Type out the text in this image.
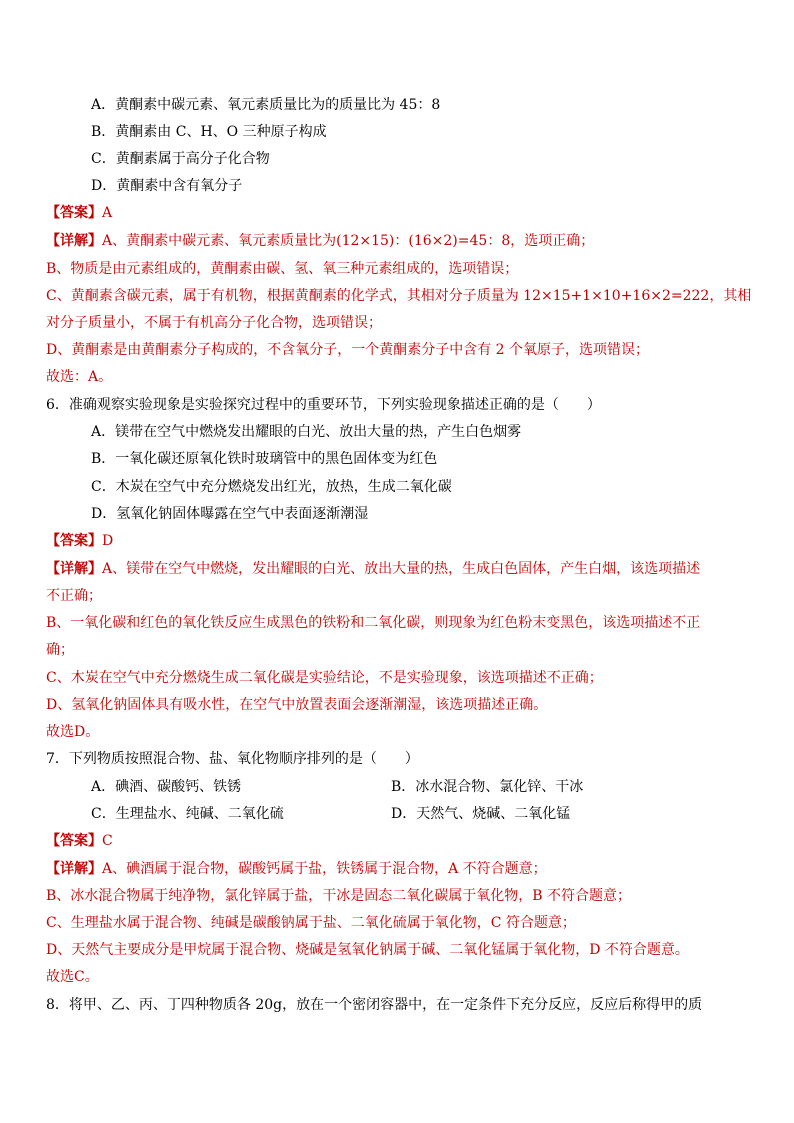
A．黄酮素中碳元素、氧元素质量比为的质量比为 45：8
B．黄酮素由 C、H、O 三种原子构成
C．黄酮素属于高分子化合物
D．黄酮素中含有氧分子
【答案】A
【详解】A、黄酮素中碳元素、氧元素质量比为(12×15)：(16×2)=45：8，选项正确；
B、物质是由元素组成的，黄酮素由碳、氢、氧三种元素组成的，选项错误；
C、黄酮素含碳元素，属于有机物，根据黄酮素的化学式，其相对分子质量为 12×15+1×10+16×2=222，其相
对分子质量小，不属于有机高分子化合物，选项错误；
D、黄酮素是由黄酮素分子构成的，不含氧分子，一个黄酮素分子中含有 2 个氧原子，选项错误；
故选：A。
6．准确观察实验现象是实验探究过程中的重要环节，下列实验现象描述正确的是（　　）
A．镁带在空气中燃烧发出耀眼的白光、放出大量的热，产生白色烟雾
B．一氧化碳还原氧化铁时玻璃管中的黑色固体变为红色
C．木炭在空气中充分燃烧发出红光，放热，生成二氧化碳
D．氢氧化钠固体曝露在空气中表面逐渐潮湿
【答案】D
【详解】A、镁带在空气中燃烧，发出耀眼的白光、放出大量的热，生成白色固体，产生白烟，该选项描述
不正确；
B、一氧化碳和红色的氧化铁反应生成黑色的铁粉和二氧化碳，则现象为红色粉末变黑色，该选项描述不正
确；
C、木炭在空气中充分燃烧生成二氧化碳是实验结论，不是实验现象，该选项描述不正确；
D、氢氧化钠固体具有吸水性，在空气中放置表面会逐渐潮湿，该选项描述正确。
故选D。
7．下列物质按照混合物、盐、氧化物顺序排列的是（　　）
A．碘酒、碳酸钙、铁锈	B．冰水混合物、氯化锌、干冰
C．生理盐水、纯碱、二氧化硫	D．天然气、烧碱、二氧化锰
【答案】C
【详解】A、碘酒属于混合物，碳酸钙属于盐，铁锈属于混合物，A 不符合题意；
B、冰水混合物属于纯净物，氯化锌属于盐，干冰是固态二氧化碳属于氧化物，B 不符合题意；
C、生理盐水属于混合物、纯碱是碳酸钠属于盐、二氧化硫属于氧化物，C 符合题意；
D、天然气主要成分是甲烷属于混合物、烧碱是氢氧化钠属于碱、二氧化锰属于氧化物，D 不符合题意。
故选C。
8．将甲、乙、丙、丁四种物质各 20g，放在一个密闭容器中，在一定条件下充分反应，反应后称得甲的质
